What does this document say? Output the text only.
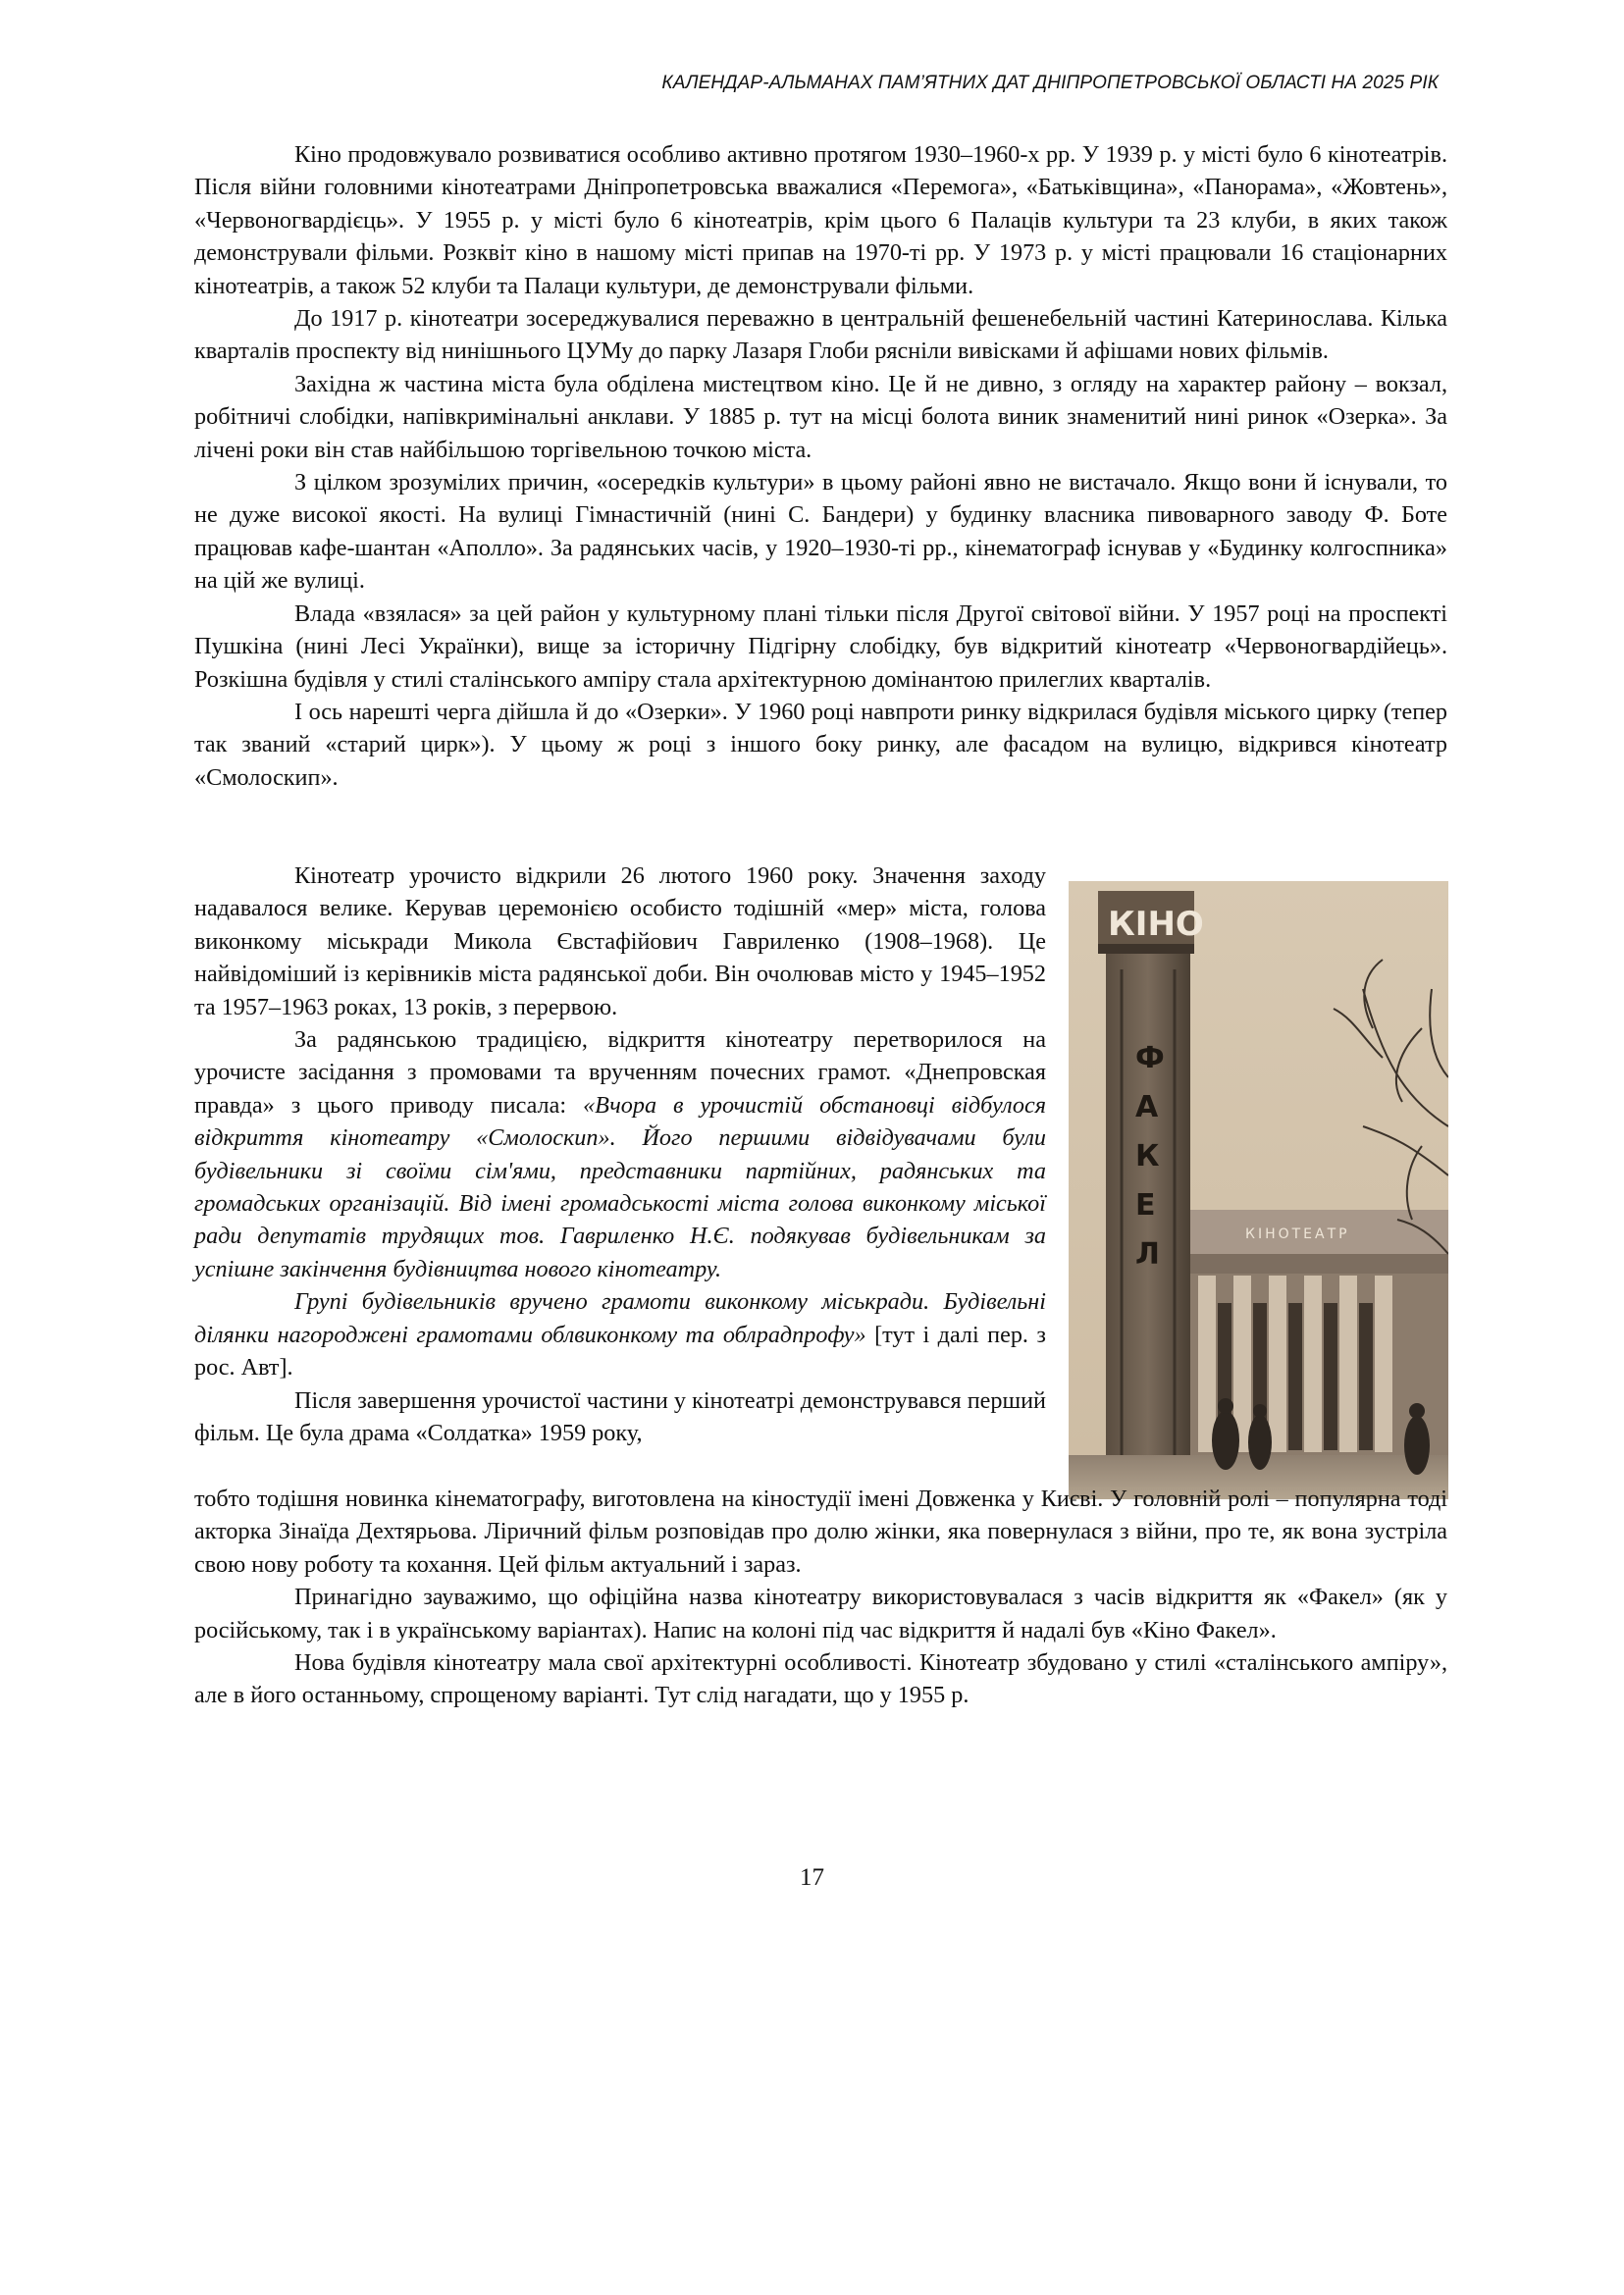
КАЛЕНДАР-АЛЬМАНАХ ПАМ’ЯТНИХ ДАТ ДНІПРОПЕТРОВСЬКОЇ ОБЛАСТІ НА 2025 РІК

Кіно продовжувало розвиватися особливо активно протягом 1930–1960-х рр. У 1939 р. у місті було 6 кінотеатрів. Після війни головними кінотеатрами Дніпропетровська вважалися «Перемога», «Батьківщина», «Панорама», «Жовтень», «Червоногвардієць». У 1955 р. у місті було 6 кінотеатрів, крім цього 6 Палаців культури та 23 клуби, в яких також демонстрували фільми. Розквіт кіно в нашому місті припав на 1970-ті рр. У 1973 р. у місті працювали 16 стаціонарних кінотеатрів, а також 52 клуби та Палаци культури, де демонстрували фільми.

До 1917 р. кінотеатри зосереджувалися переважно в центральній фешенебельній частині Катеринослава. Кілька кварталів проспекту від нинішнього ЦУМу до парку Лазаря Глоби рясніли вивісками й афішами нових фільмів.

Західна ж частина міста була обділена мистецтвом кіно. Це й не дивно, з огляду на характер району – вокзал, робітничі слобідки, напівкримінальні анклави. У 1885 р. тут на місці болота виник знаменитий нині ринок «Озерка». За лічені роки він став найбільшою торгівельною точкою міста.

З цілком зрозумілих причин, «осередків культури» в цьому районі явно не вистачало. Якщо вони й існували, то не дуже високої якості. На вулиці Гімнастичній (нині С. Бандери) у будинку власника пивоварного заводу Ф. Боте працював кафе-шантан «Аполло». За радянських часів, у 1920–1930-ті рр., кінематограф існував у «Будинку колгоспника» на цій же вулиці.

Влада «взялася» за цей район у культурному плані тільки після Другої світової війни. У 1957 році на проспекті Пушкіна (нині Лесі Українки), вище за історичну Підгірну слобідку, був відкритий кінотеатр «Червоногвардійець». Розкішна будівля у стилі сталінського ампіру стала архітектурною домінантою прилеглих кварталів.

І ось нарешті черга дійшла й до «Озерки». У 1960 році навпроти ринку відкрилася будівля міського цирку (тепер так званий «старий цирк»). У цьому ж році з іншого боку ринку, але фасадом на вулицю, відкрився кінотеатр «Смолоскип».

Кінотеатр урочисто відкрили 26 лютого 1960 року. Значення заходу надавалося велике. Керував церемонією особисто тодішній «мер» міста, голова виконкому міськради Микола Євстафійович Гавриленко (1908–1968). Це найвідоміший із керівників міста радянської доби. Він очолював місто у 1945–1952 та 1957–1963 роках, 13 років, з перервою.

За радянською традицією, відкриття кінотеатру перетворилося на урочисте засідання з промовами та врученням почесних грамот. «Днепровская правда» з цього приводу писала: «Вчора в урочистій обстановці відбулося відкриття кінотеатру «Смолоскип». Його першими відвідувачами були будівельники зі своїми сім'ями, представники партійних, радянських та громадських організацій. Від імені громадськості міста голова виконкому міської ради депутатів трудящих тов. Гавриленко Н.Є. подякував будівельникам за успішне закінчення будівництва нового кінотеатру.

Групі будівельників вручено грамоти виконкому міськради. Будівельні ділянки нагороджені грамотами облвиконкому та облрадпрофу» [тут і далі пер. з рос. Авт].

Після завершення урочистої частини у кінотеатрі демонструвався перший фільм. Це була драма «Солдатка» 1959 року,

КІНОТЕАТР
КІНО
Ф А К Е Л

тобто тодішня новинка кінематографу, виготовлена на кіностудії імені Довженка у Києві. У головній ролі – популярна тоді акторка Зінаїда Дехтярьова. Ліричний фільм розповідав про долю жінки, яка повернулася з війни, про те, як вона зустріла свою нову роботу та кохання. Цей фільм актуальний і зараз.

Принагідно зауважимо, що офіційна назва кінотеатру використовувалася з часів відкриття як «Факел» (як у російському, так і в українському варіантах). Напис на колоні під час відкриття й надалі був «Кіно Факел».

Нова будівля кінотеатру мала свої архітектурні особливості. Кінотеатр збудовано у стилі «сталінського ампіру», але в його останньому, спрощеному варіанті. Тут слід нагадати, що у 1955 р.

17
